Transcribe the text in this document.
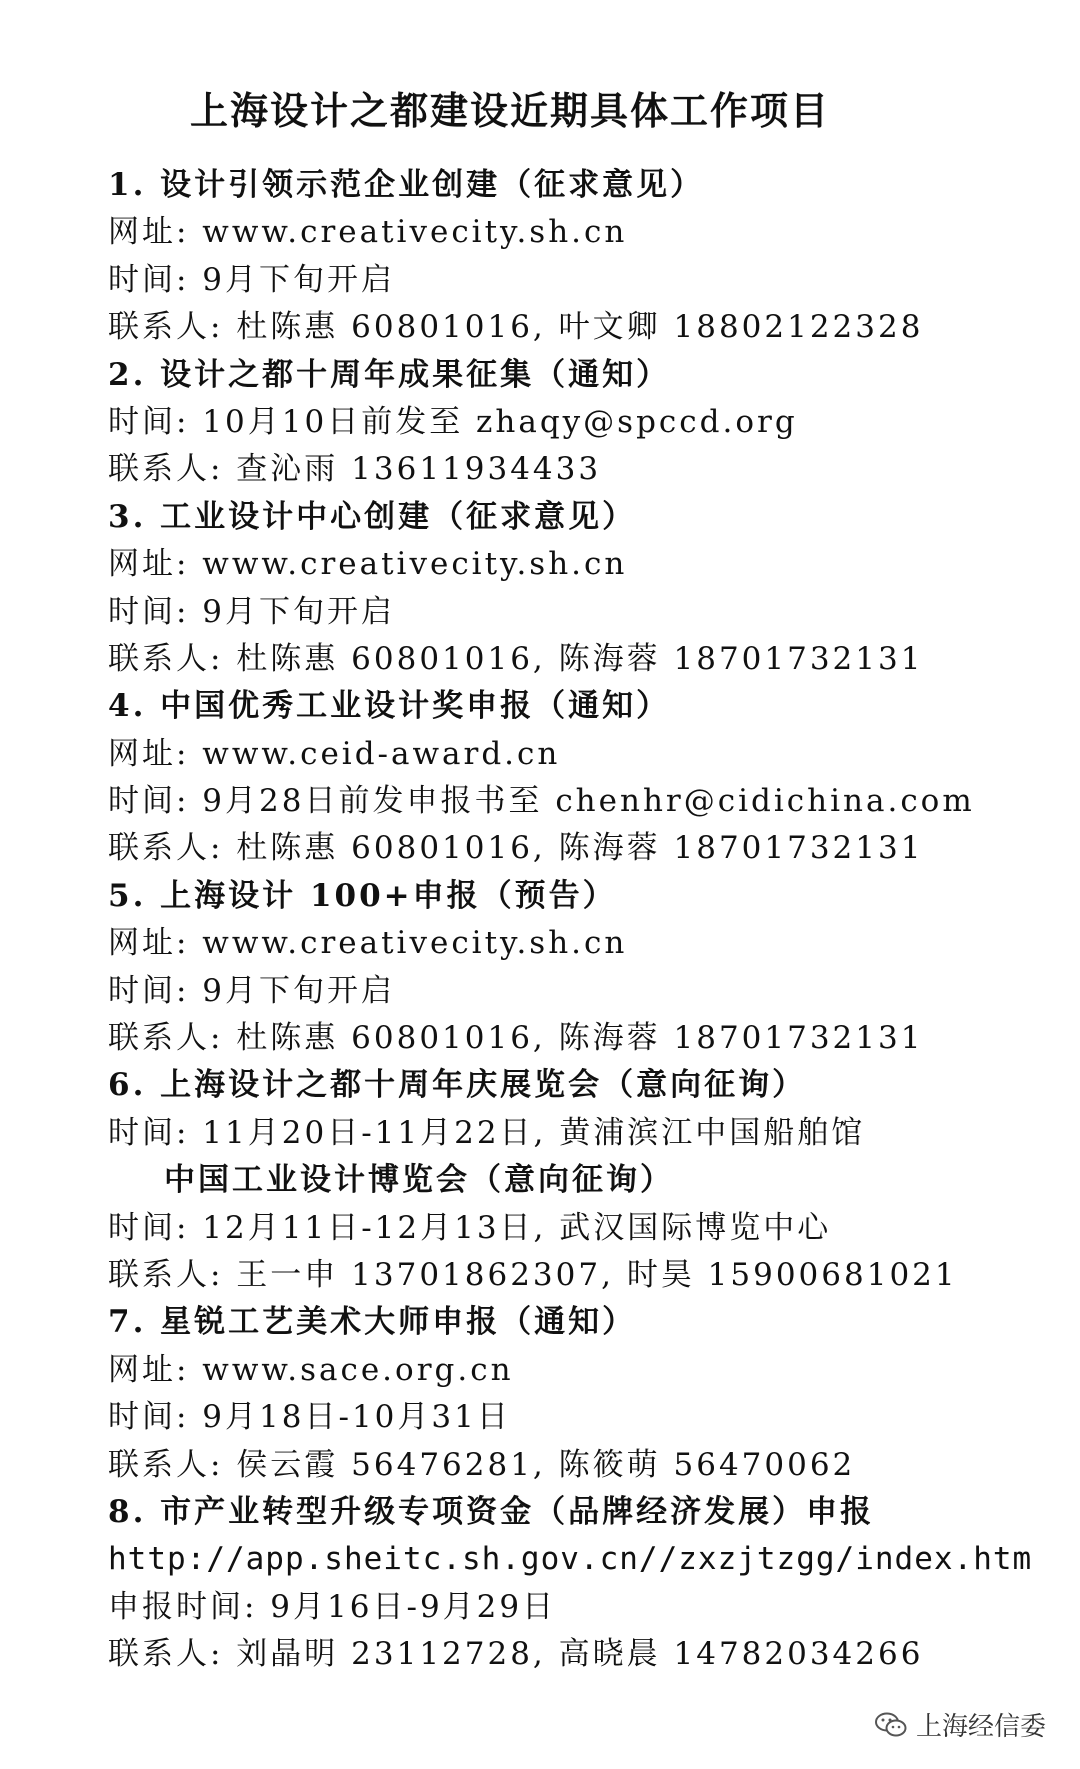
上海设计之都建设近期具体工作项目
1. 设计引领示范企业创建（征求意见）
网址: www.creativecity.sh.cn
时间: 9月下旬开启
联系人: 杜陈惠 60801016, 叶文卿 18802122328
2. 设计之都十周年成果征集（通知）
时间: 10月10日前发至 zhaqy@spccd.org
联系人: 查沁雨 13611934433
3. 工业设计中心创建（征求意见）
网址: www.creativecity.sh.cn
时间: 9月下旬开启
联系人: 杜陈惠 60801016, 陈海蓉 18701732131
4. 中国优秀工业设计奖申报（通知）
网址: www.ceid-award.cn
时间: 9月28日前发申报书至 chenhr@cidichina.com
联系人: 杜陈惠 60801016, 陈海蓉 18701732131
5. 上海设计 100+申报（预告）
网址: www.creativecity.sh.cn
时间: 9月下旬开启
联系人: 杜陈惠 60801016, 陈海蓉 18701732131
6. 上海设计之都十周年庆展览会（意向征询）
时间: 11月20日-11月22日, 黄浦滨江中国船舶馆
中国工业设计博览会（意向征询）
时间: 12月11日-12月13日, 武汉国际博览中心
联系人: 王一申 13701862307, 时昊 15900681021
7. 星锐工艺美术大师申报（通知）
网址: www.sace.org.cn
时间: 9月18日-10月31日
联系人: 侯云霞 56476281, 陈筱萌 56470062
8. 市产业转型升级专项资金（品牌经济发展）申报
http://app.sheitc.sh.gov.cn//zxzjtzgg/index.htm
申报时间: 9月16日-9月29日
联系人: 刘晶明 23112728, 高晓晨 14782034266
上海经信委
